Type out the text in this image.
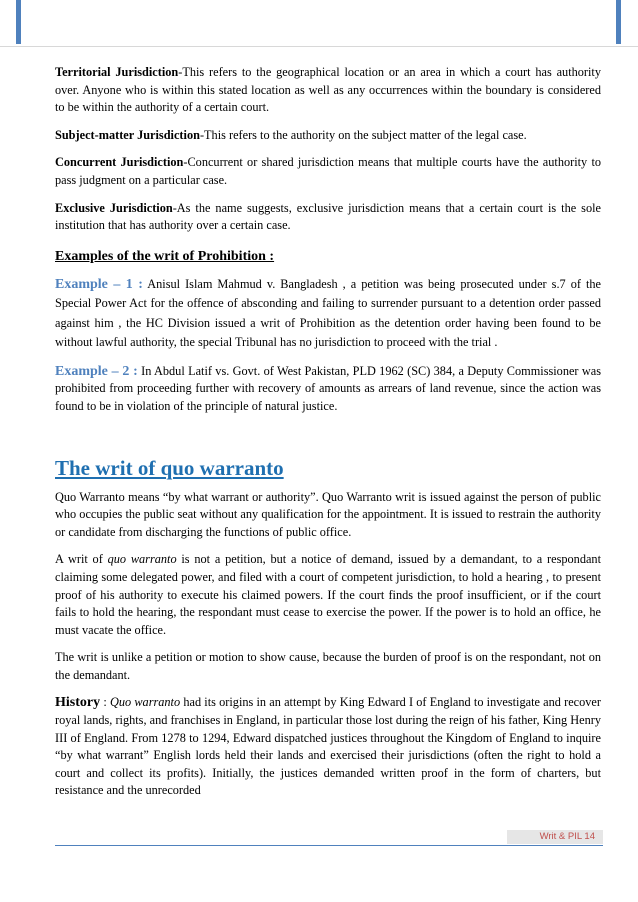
Territorial Jurisdiction-This refers to the geographical location or an area in which a court has authority over. Anyone who is within this stated location as well as any occurrences within the boundary is considered to be within the authority of a certain court.

Subject-matter Jurisdiction-This refers to the authority on the subject matter of the legal case.

Concurrent Jurisdiction-Concurrent or shared jurisdiction means that multiple courts have the authority to pass judgment on a particular case.

Exclusive Jurisdiction-As the name suggests, exclusive jurisdiction means that a certain court is the sole institution that has authority over a certain case.

Examples of the writ of Prohibition :

Example – 1 : Anisul Islam Mahmud v. Bangladesh , a petition was being prosecuted under s.7 of the Special Power Act for the offence of absconding and failing to surrender pursuant to a detention order passed against him , the HC Division issued a writ of Prohibition as the detention order having been found to be without lawful authority, the special Tribunal has no jurisdiction to proceed with the trial .

Example – 2 : In Abdul Latif vs. Govt. of West Pakistan, PLD 1962 (SC) 384, a Deputy Commissioner was prohibited from proceeding further with recovery of amounts as arrears of land revenue, since the action was found to be in violation of the principle of natural justice.

The writ of quo warranto

Quo Warranto means “by what warrant or authority”. Quo Warranto writ is issued against the person of public who occupies the public seat without any qualification for the appointment. It is issued to restrain the authority or candidate from discharging the functions of public office.

A writ of quo warranto is not a petition, but a notice of demand, issued by a demandant, to a respondant claiming some delegated power, and filed with a court of competent jurisdiction, to hold a hearing , to present proof of his authority to execute his claimed powers. If the court finds the proof insufficient, or if the court fails to hold the hearing, the respondant must cease to exercise the power. If the power is to hold an office, he must vacate the office.

The writ is unlike a petition or motion to show cause, because the burden of proof is on the respondant, not on the demandant.

History : Quo warranto had its origins in an attempt by King Edward I of England to investigate and recover royal lands, rights, and franchises in England, in particular those lost during the reign of his father, King Henry III of England. From 1278 to 1294, Edward dispatched justices throughout the Kingdom of England to inquire “by what warrant” English lords held their lands and exercised their jurisdictions (often the right to hold a court and collect its profits). Initially, the justices demanded written proof in the form of charters, but resistance and the unrecorded

Writ & PIL 14
